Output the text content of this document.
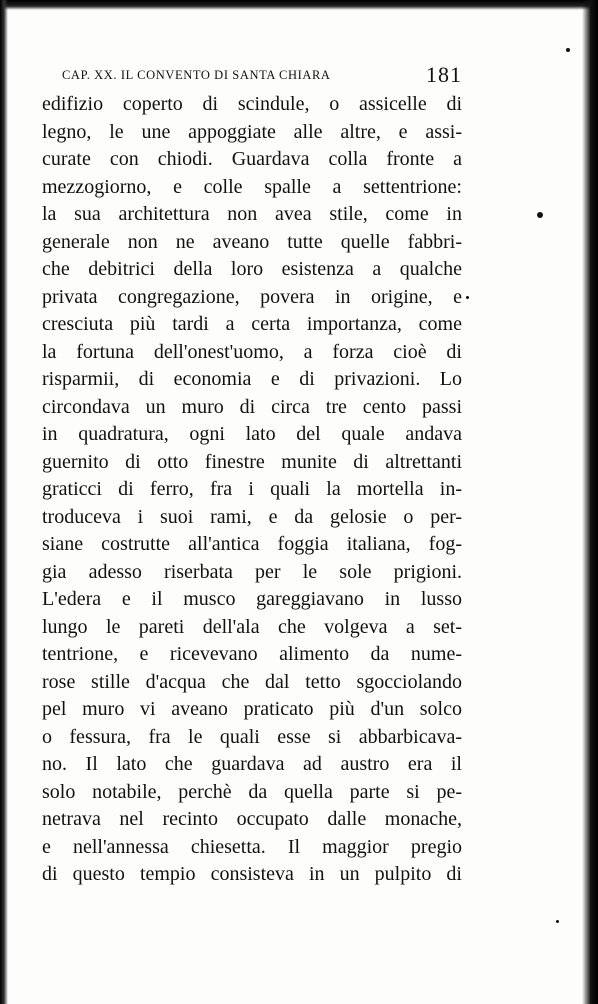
CAP. XX. IL CONVENTO DI SANTA CHIARA	181
edifizio coperto di scindule, o assicelle di
legno, le une appoggiate alle altre, e assi-
curate con chiodi. Guardava colla fronte a
mezzogiorno, e colle spalle a settentrione:
la sua architettura non avea stile, come in
generale non ne aveano tutte quelle fabbri-
che debitrici della loro esistenza a qualche
privata congregazione, povera in origine, e
cresciuta più tardi a certa importanza, come
la fortuna dell'onest'uomo, a forza cioè di
risparmii, di economia e di privazioni. Lo
circondava un muro di circa tre cento passi
in quadratura, ogni lato del quale andava
guernito di otto finestre munite di altrettanti
graticci di ferro, fra i quali la mortella in-
troduceva i suoi rami, e da gelosie o per-
siane costrutte all'antica foggia italiana, fog-
gia adesso riserbata per le sole prigioni.
L'edera e il musco gareggiavano in lusso
lungo le pareti dell'ala che volgeva a set-
tentrione, e ricevevano alimento da nume-
rose stille d'acqua che dal tetto sgocciolando
pel muro vi aveano praticato più d'un solco
o fessura, fra le quali esse si abbarbicava-
no. Il lato che guardava ad austro era il
solo notabile, perchè da quella parte si pe-
netrava nel recinto occupato dalle monache,
e nell'annessa chiesetta. Il maggior pregio
di questo tempio consisteva in un pulpito di
